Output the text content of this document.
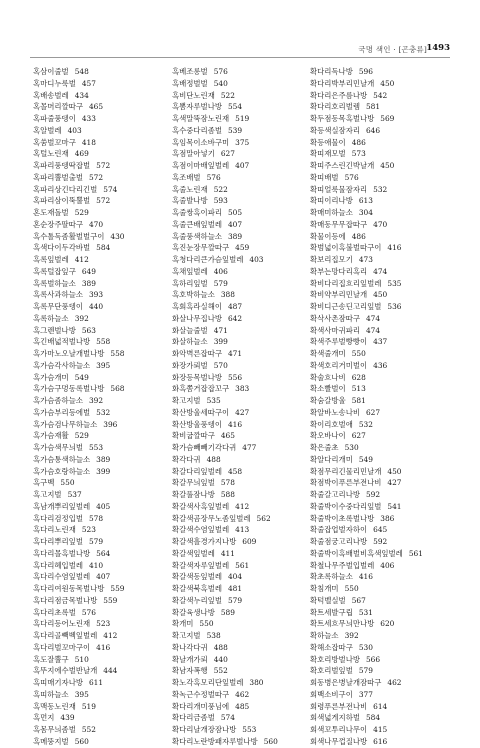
국명 색인 · [곤충류] 1493
혹삼이줄벌 548
혹마디누룩벌 457
혹배송벌레 434
혹몰머리깔따구 465
혹파줄풍뎅이 433
혹알벌레 403
혹쑴벌꼬마구 418
혹털노린재 469
혹파리풍뎅딱잡벌 572
혹파리뿔벌출벌 572
혹파리상긴다리긴벌 574
혹파리삼이뚝뿔벌 572
혼도재돌벌 529
혼순장주딸따구 470
흑수톨독좀활벌벌구이 430
흑색다이두각바벌 584
흑록잎벌레 412
흑록털잡잎구 649
흑록벌하늘소 389
흑록사과하늘소 393
흑록무단풍뎅이 440
흑록하늘소 392
흑그렌벌나방 563
흑긴배넓적벌나방 558
흑가마노오날개벌나방 558
흑가슴각사하늘소 395
흑가슴개미 549
흑가슴구멍동록벌나방 568
흑가슴좀하늘소 392
흑가슴부리등에벌 532
흑가슴검나무하늘소 396
흑가슴재활 529
흑가슴색무늬벌 553
흑가슴통색하늘소 389
흑가슴호랑하늘소 399
흑구벡 550
흑고지벌 537
흑남개뿌리잎벌레 405
흑다리검정입벌 578
흑다리노린재 523
흑다리뿌리잎벌 579
흑다리몰흑벌나방 564
흑다리혜입벌레 410
흑다리수염잎벌레 407
흑다리여원동목벌나방 559
흑다리점금목벌나방 559
흑다리초록벌 576
흑다리등어노린재 523
흑다리골빽벡잎벌레 412
흑다리벌꼬마구이 416
흑도잘뿔구 510
흑뚜지에수벌반날개 444
흑띠매기자나방 611
흑띠하늘소 395
흑맥동노린재 519
흑먼지 439
흑몸무늬좀벌 552
흑메뚱지벌 560
흑베조롱벌 576
흑배정벌벌 540
흑비단노린재 522
흑뽐자루벌나방 554
흑색말뚝잠노린재 519
흑수중다리좀벌 539
흑임목이소바구미 375
흑점말아넣기 627
흑점이마배잎벌레 407
흑조배벌 576
흑줄노린재 522
흑줄발나방 593
흑줄쌍흑이파리 505
흑줄큰배잎벌레 407
흑줄풍색하늘소 389
흑진눈장무깔따구 459
흑청다리큰가슴잎벌레 403
흑채잎벌레 406
흑하리잎벌 579
흑호박하늘소 388
흑회흑라실해이 487
화살나무집나방 642
화살늘줄벌 471
화살하늘소 399
화악벽른잡따구 471
화장가뢰벌 570
화장등목벌나방 556
화흑쫌거잡잡꼬구 383
확고지벌 535
확산방울세따구이 427
확산방울풍뎅이 416
확비굽깔따구 465
확가슴빼빼기각다귀 477
확각다귀 488
확갈다리잎벌레 458
확갈무늬잎벌 578
확갈풀잠나방 588
확갈색사흑잎벌레 412
확갈색곰장무노좀잎벌레 562
확갈색수염잎벌레 413
확갈색흘경가지나방 609
확갈색잎벌레 411
확갈색자루잎벌레 561
확갈색동잎벌레 404
확갈색북흑벌레 481
확갈색누리잎벌 579
확갈육생나방 589
확개미 550
확고지벌 538
확나각다귀 488
확날개가뢰 440
확남자폭행 552
확노각흑모리단잎벌레 380
확녹근수정벌따구 462
확다리개미풍님에 485
확다리금좀벌 574
확다리날개장잠나방 553
확다리노란방패자루벌나방 560
확다리독나방 596
확다리박부리민날개 450
확다리은주름나방 542
확다리호리벌렘 581
확두점동목흑벌나방 569
확등색실잠자리 646
확등애물이 486
확띠재모벌 573
확띠주스린긴박날개 450
확띠배벌 576
확띠얼룩물잠자리 532
확띠이리나방 613
확매미하늘소 304
확매동무무잡따구 470
확물이등에 486
확범넓이흑불벌따구이 416
확보리집모기 473
확부는망다리흑리 474
확비다리집흐리잎벌레 535
확비약부리민날개 450
확비디근송딘고리잎벌 536
확삭사촌잠따구 474
확색사마귀파리 474
확색주루벌빵빵이 437
확색줄개미 550
확색호리거미벌이 436
확술흐나비 628
확소빨벌이 513
확숨갈방울 581
확알바노송나비 627
확이리호벌애 532
확오바나이 627
확은줄초 530
확알다리개미 549
확점무리긴물리민날개 450
확점박이푸른부전나비 427
확줄갈고리나방 592
확줄박이수중다리잎벌 541
확줄박이초록벌나방 386
확줄잡업벌자하이 645
확줄점궁고리나방 592
확줄박이흑배벌비흑색잎벌레 561
확철나무주벌입벌레 406
확초록하늘소 416
확침개미 550
확턱벨실벌 567
확트세발구립 531
확트세흐무늬만나방 620
확하늘소 392
확해소잡따구 530
확호리방벌나방 566
확호리벌잎벌 579
회동병은병날개잠따구 462
회백소비구이 377
회령푸른부전나비 614
회색넓게지하벌 584
회색꼬투리나무이 415
회색나무껍질나방 616
